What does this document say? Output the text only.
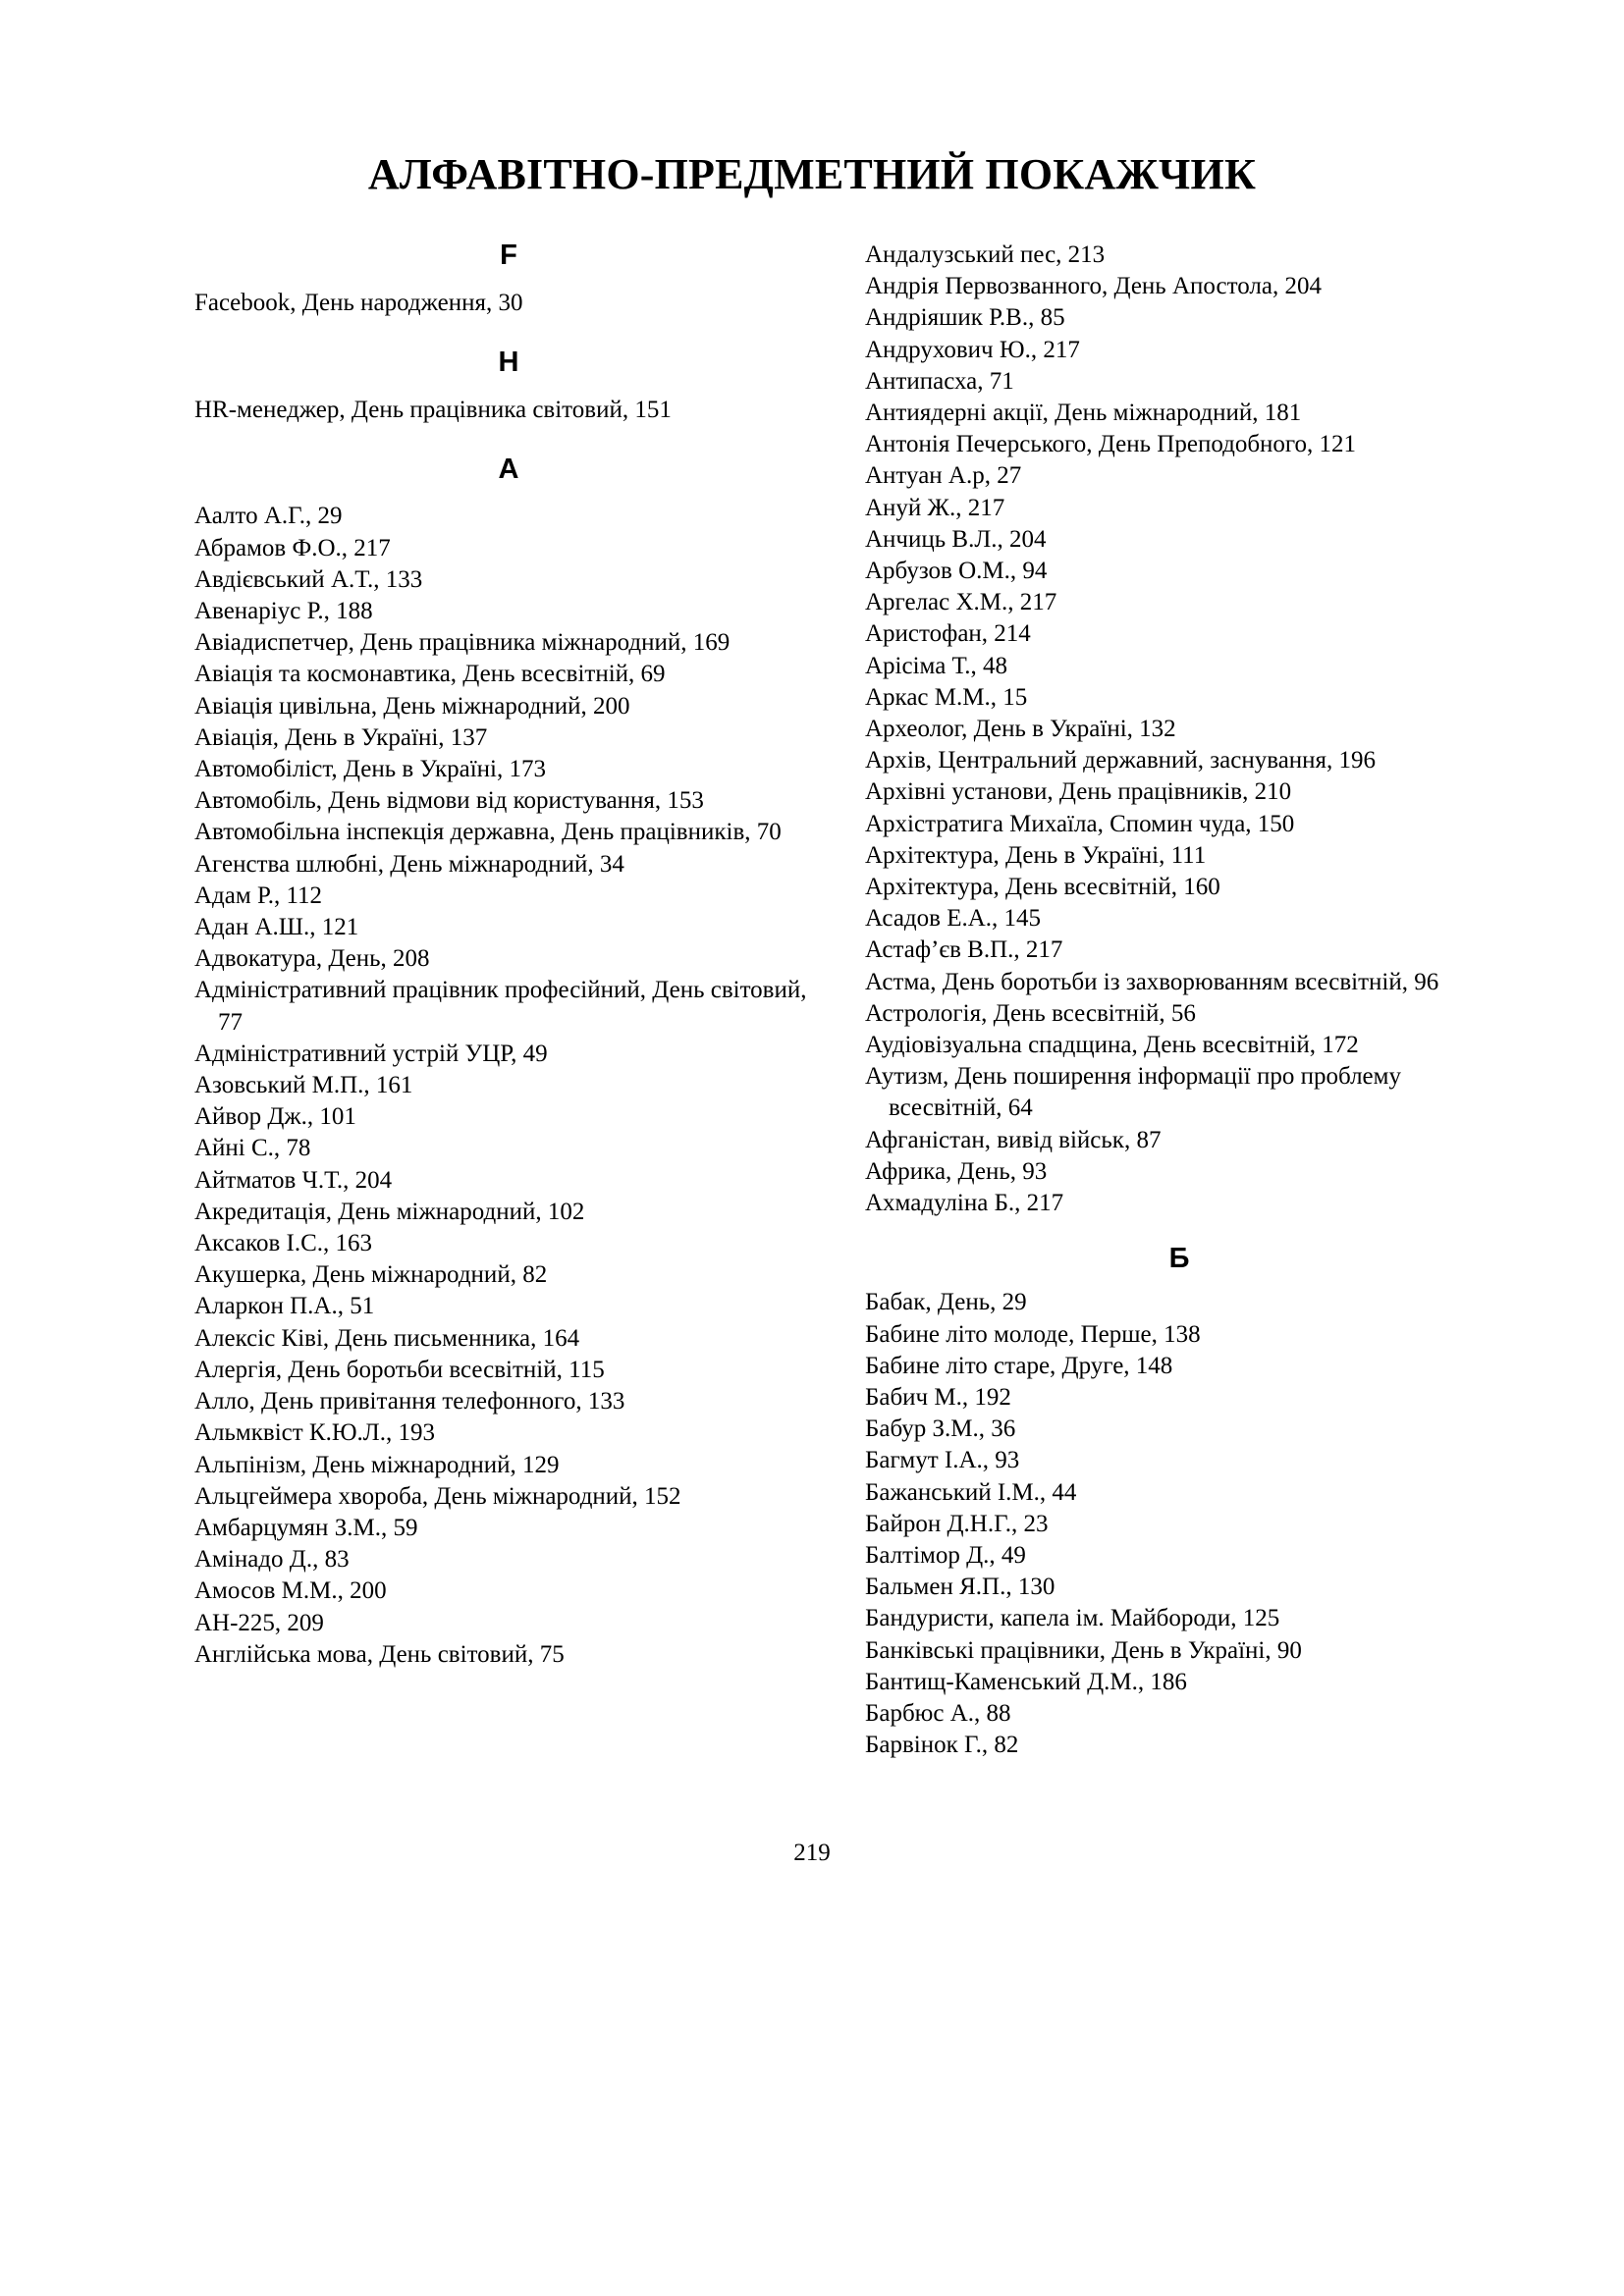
АЛФАВІТНО-ПРЕДМЕТНИЙ ПОКАЖЧИК
F
Facebook, День народження, 30
H
HR-менеджер, День працівника світовий, 151
А
Аалто А.Г., 29
Абрамов Ф.О., 217
Авдієвський А.Т., 133
Авенаріус Р., 188
Авіадиспетчер, День працівника міжнародний, 169
Авіація та космонавтика, День всесвітній, 69
Авіація цивільна, День міжнародний, 200
Авіація, День в Україні, 137
Автомобіліст, День в Україні, 173
Автомобіль, День відмови від користування, 153
Автомобільна інспекція державна, День працівників, 70
Агенства шлюбні, День міжнародний, 34
Адам Р., 112
Адан А.Ш., 121
Адвокатура, День, 208
Адміністративний працівник професійний, День світовий, 77
Адміністративний устрій УЦР, 49
Азовський М.П., 161
Айвор Дж., 101
Айні С., 78
Айтматов Ч.Т., 204
Акредитація, День міжнародний, 102
Аксаков І.С., 163
Акушерка, День міжнародний, 82
Аларкон П.А., 51
Алексіс Ківі, День письменника, 164
Алергія, День боротьби всесвітній, 115
Алло, День привітання телефонного, 133
Альмквіст К.Ю.Л., 193
Альпінізм, День міжнародний, 129
Альцгеймера хвороба, День міжнародний, 152
Амбарцумян З.М., 59
Амінадо Д., 83
Амосов М.М., 200
АН-225, 209
Англійська мова, День світовий, 75
Андалузський пес, 213
Андрія Первозванного, День Апостола, 204
Андріяшик Р.В., 85
Андрухович Ю., 217
Антипасха, 71
Антиядерні акції, День міжнародний, 181
Антонія Печерського, День Преподобного, 121
Антуан А.р, 27
Ануй Ж., 217
Анчиць В.Л., 204
Арбузов О.М., 94
Аргелас Х.М., 217
Аристофан, 214
Арісіма Т., 48
Аркас М.М., 15
Археолог, День в Україні, 132
Архів, Центральний державний, заснування, 196
Архівні установи, День працівників, 210
Архістратига Михаїла, Спомин чуда, 150
Архітектура, День в Україні, 111
Архітектура, День всесвітній, 160
Асадов Е.А., 145
Астаф’єв В.П., 217
Астма, День боротьби із захворюванням всесвітній, 96
Астрологія, День всесвітній, 56
Аудіовізуальна спадщина, День всесвітній, 172
Аутизм, День поширення інформації про проблему всесвітній, 64
Афганістан, вивід військ, 87
Африка, День, 93
Ахмадуліна Б., 217
Б
Бабак, День, 29
Бабине літо молоде, Перше, 138
Бабине літо старе, Друге, 148
Бабич М., 192
Бабур З.М., 36
Багмут І.А., 93
Бажанський І.М., 44
Байрон Д.Н.Г., 23
Балтімор Д., 49
Бальмен Я.П., 130
Бандуристи, капела ім. Майбороди, 125
Банківські працівники, День в Україні, 90
Бантищ-Каменський Д.М., 186
Барбюс А., 88
Барвінок Г., 82
219
